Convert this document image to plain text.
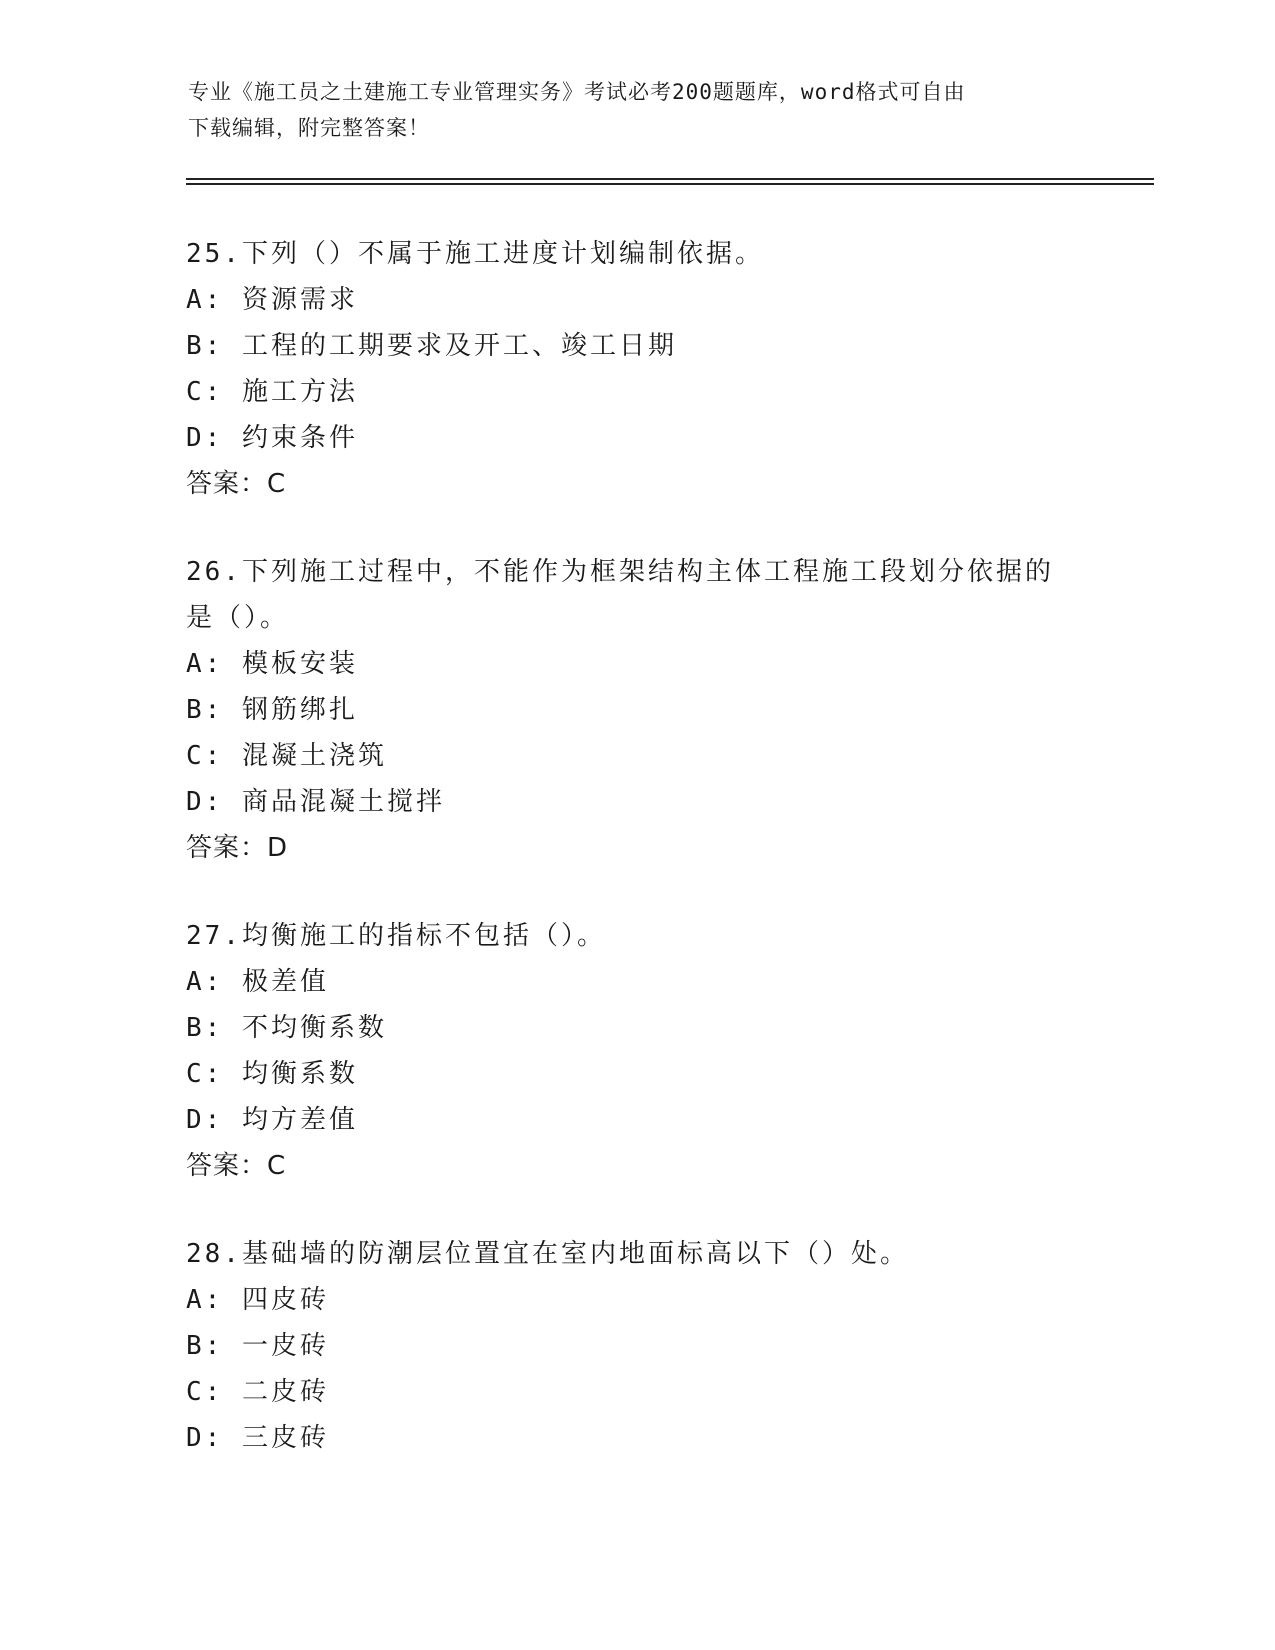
专业《施工员之土建施工专业管理实务》考试必考200题题库，word格式可自由
下载编辑，附完整答案！
25.下列（）不属于施工进度计划编制依据。
A: 资源需求
B: 工程的工期要求及开工、竣工日期
C: 施工方法
D: 约束条件
答案：C
26.下列施工过程中，不能作为框架结构主体工程施工段划分依据的是（）。
A: 模板安装
B: 钢筋绑扎
C: 混凝土浇筑
D: 商品混凝土搅拌
答案：D
27.均衡施工的指标不包括（）。
A: 极差值
B: 不均衡系数
C: 均衡系数
D: 均方差值
答案：C
28.基础墙的防潮层位置宜在室内地面标高以下（）处。
A: 四皮砖
B: 一皮砖
C: 二皮砖
D: 三皮砖
